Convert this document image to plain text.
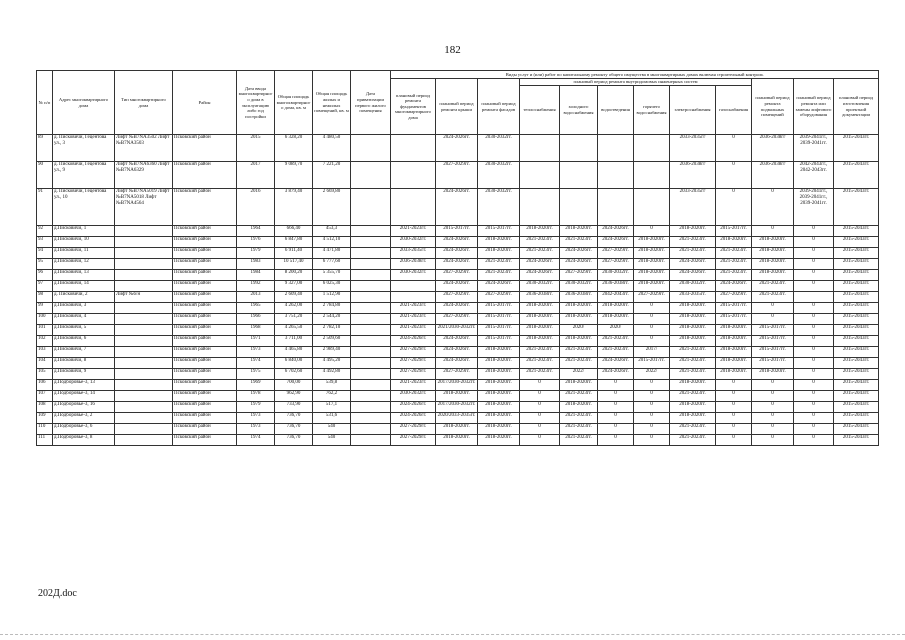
182
№ п/п	Адрес многоквартирного дома	Тип многоквартирного дома	Район	Дата ввода многоквартирного дома в эксплуатацию либо год постройки	Общая площадь многоквартирного дома, кв. м	Общая площадь жилых и нежилых помещений, кв. м	Дата приватизации первого жилого помещения	Виды услуг и (или) работ по капитальному ремонту общего имущества в многоквартирных домах включая строительный контроль											
								плановый период ремонта фундаментов многоквартирного дома	плановый период ремонта крыши	плановый период ремонта фасадов	плановый период ремонта внутридомовых инженерных систем						плановый период ремонта подвальных помещений	плановый период ремонта или замены лифтового оборудования	плановый период изготовления проектной документации
											теплоснабжения	холодного водоснабжения	водоотведения	горячего водоснабжения	электроснабжения	газоснабжения			
89	д. Писковичи, Гецентова ул., 3	Лифт №В7NA3502 Лифт №В7NA3503	Псковский район	2015	6 328,20	4 480,50			2024-2026гг.	2030-2032гг.					2033-2035гг	0	2036-2038гг	2039-2041гг., 2039-2041гг.	2015-2043гг.
90	д. Писковичи, Гецентова ул., 9	Лифт №В7NA6360 Лифт №В7NA6329	Псковский район	2017	9 089,70	7 221,20			2027-2029гг.	2030-2032гг.					2036-2038гг	0	2036-2038гг	2042-2043гг., 2042-2043гг.	2015-2043гг.
91	д. Писковичи, Гецентова ул., 10	Лифт №В7NA5019 Лифт №В7NA5018 Лифт №В7NA4564	Псковский район	2016	3 879,40	2 669,80			2024-2026гг.	2030-2032гг.					2033-2035гг	0	0	2039-2041гг., 2039-2041гг., 2039-2041гг.	2015-2043гг.
92	д.Писковичи, 1		Псковский район	1964	666,40	453,3		2021-2023гг.	2015-2017гг.	2015-2017гг.	2018-2020гг.	2018-2020гг.	2024-2026гг.	0	2018-2020гг.	2015-2017гг.	0	0	2015-2043гг.
93	д.Писковичи, 10		Псковский район	1976	6 847,80	4 512,10		2030-2032гг.	2024-2026гг.	2018-2020гг.	2021-2023гг.	2021-2023гг.	2024-2026гг.	2018-2020гг.	2021-2023гг.	2018-2020гг.	2018-2020гг.	0	2015-2043гг.
94	д.Писковичи, 11		Псковский район	1979	6 911,40	4 471,80		2033-2035гг.	2024-2026гг.	2018-2020гг.	2021-2023гг.	2024-2026гг.	2027-2029гг.	2018-2020гг.	2021-2023гг.	2021-2023гг.	2018-2020гг.	0	2015-2043гг.
95	д.Писковичи, 12		Псковский район	1983	10 517,40	6 777,60		2036-2038гг.	2024-2026гг.	2021-2023гг.	2024-2026гг.	2024-2026гг.	2027-2029гг.	2018-2020гг.	2024-2026гг.	2021-2023гг.	2018-2020гг.	0	2015-2043гг.
96	д.Писковичи, 13		Псковский район	1984	8 200,20	5 355,70		2030-2032гг.	2027-2029гг.	2021-2023гг.	2024-2026гг.	2027-2029гг.	2030-2032гг.	2018-2020гг.	2024-2026гг.	2021-2023гг.	2018-2020гг.	0	2015-2043гг.
97	д.Писковичи, 14		Псковский район	1992	9 327,00	6 025,30			2024-2026гг.	2024-2026гг.	2030-2032гг.	2030-2032гг.	2036-2038гг.	2018-2020гг.	2030-2032гг.	2024-2026гг.	2021-2023гг.	0	2015-2043гг.
98	д. Писковичи, 2	Лифт №б/н	Псковский район	2013	2 609,40	1 512,90			2027-2029гг.	2027-2029гг.	2036-2038гг.	2036-2038гг.	2042-2043гг.	2027-2029гг.	2033-2035гг.	2027-2029гг.	2021-2023гг.		2015-2043гг.
99	д.Писковичи, 3		Псковский район	1965	4 262,00	2 784,80		2021-2023гг.	2024-2026гг.	2015-2017гг.	2018-2020гг.	2018-2020гг.	2018-2020гг.	0	2018-2020гг.	2015-2017гг.	0	0	2015-2043гг.
100	д.Писковичи, 4		Псковский район	1966	3 751,20	2 544,20		2021-2023гг.	2027-2029гг.	2015-2017гг.	2018-2020гг.	2018-2020гг.	2018-2020гг.	0	2018-2020гг.	2015-2017гг.	0	0	2015-2043гг.
101	д.Писковичи, 5		Псковский район	1968	4 265,50	2 782,10		2021-2023гг.	2021/2030-2032гг.	2015-2017гг.	2018-2020гг.	2020/	2020/	0	2018-2020гг.	2018-2020гг.	2015-2017гг.	0	2015-2043гг.
102	д.Писковичи, 6		Псковский район	1971	3 711,00	2 509,60		2024-2026гг.	2024-2026гг.	2015-2017гг.	2018-2020гг.	2018-2020гг.	2021-2023гг.	0	2018-2020гг.	2018-2020гг.	2015-2017гг.	0	2015-2043гг.
103	д.Писковичи, 7		Псковский район	1973	4 465,80	2 989,40		2027-2029гг.	2024-2026гг.	2018-2020гг.	2021-2023гг.	2021-2023гг.	2021-2023гг.	2017/	2021-2023гг.	2018-2020гг.	2015-2017гг.	0	2015-2043гг.
104	д.Писковичи, 8		Псковский район	1974	6 840,00	4 495,20		2027-2029гг.	2024-2026гг.	2018-2020гг.	2021-2023гг.	2021-2023гг.	2024-2026гг.	2015-2017гг.	2021-2023гг.	2018-2020гг.	2015-2017гг.	0	2015-2043гг.
105	д.Писковичи, 9		Псковский район	1975	6 702,60	4 492,80		2027-2029гг.	2027-2029гг.	2018-2020гг.	2021-2023гг.	2022/	2024-2026гг.	2022/	2021-2023гг.	2018-2020гг.	2018-2020гг.	0	2015-2043гг.
106	д.Подборовье-3, 13		Псковский район	1969	700,00	539,8		2021-2023гг.	2017/2030-2032гг.	2018-2020гг.	0	2018-2020гг.	0	0	2018-2020гг.	0	0	0	2015-2043гг.
107	д.Подборовье-3, 14		Псковский район	1978	962,90	762,2		2030-2032гг.	2018-2020гг.	2018-2020гг.	0	2021-2023гг.	0	0	2021-2023гг.	0	0	0	2015-2043гг.
108	д.Подборовье-3, 16		Псковский район	1979	733,90	517,1		2024-2026гг.	2017/2030-2032гг.	2018-2020гг.	0	2018-2020гг.	0	0	2018-2020гг.	0	0	0	2015-2043гг.
109	д.Подборовье-3, 2		Псковский район	1973	736,70	531,6		2024-2026гг.	2020/2033-2035гг.	2018-2020гг.	0	2021-2023гг.	0	0	2018-2020гг.	0	0	0	2015-2043гг.
110	д.Подборовье-3, 6		Псковский район	1973	736,70	540		2027-2029гг.	2018-2020гг.	2018-2020гг.	0	2021-2023гг.	0	0	2021-2023гг.	0	0	0	2015-2043гг.
111	д.Подборовье-3, 8		Псковский район	1974	736,70	540		2027-2029гг.	2018-2020гг.	2018-2020гг.	0	2021-2023гг.	0	0	2021-2023гг.	0	0	0	2015-2043гг.
202Д.doc
